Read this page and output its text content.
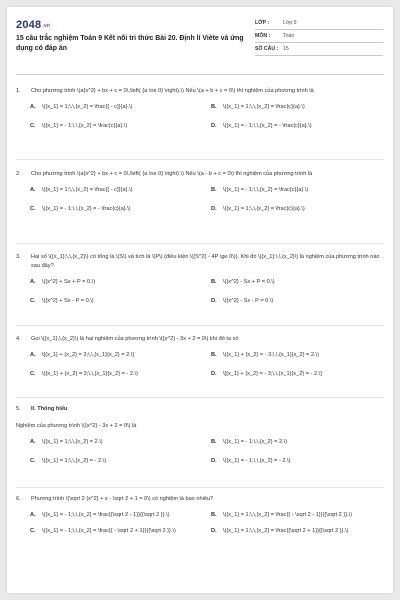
2048.vn
15 câu trắc nghiệm Toán 9 Kết nối tri thức Bài 20. Định lí Viète và ứng dụng có đáp án
LỚP :	Lớp 9
MÔN :	Toán
SỐ CÂU : 15
1.	Cho phương trình \(a{x^2} + bx + c = 0\,\left( {a \ne 0} \right).\) Nếu \(a + b + c = 0\) thì nghiệm của phương trình là
A.	\({x_1} = 1;\,\,{x_2} = \frac{{ - c}}{a}.\)	B.	\({x_1} = 1;\,\,{x_2} = \frac{c}{a}.\)
C.	\({x_1} = - 1;\,\,{x_2} = \frac{c}{a}.\)	D.	\({x_1} = - 1;\,\,{x_2} = - \frac{c}{a}.\)
2.	Cho phương trình \(a{x^2} + bx + c = 0\,\left( {a \ne 0} \right).\) Nếu \(a - b + c = 0\) thì nghiệm của phương trình là
A.	\({x_1} = 1;\,\,{x_2} = \frac{{ - c}}{a}.\)	B.	\({x_1} = - 1;\,\,{x_2} = \frac{c}{a}.\)
C.	\({x_1} = - 1;\,\,{x_2} = - \frac{c}{a}.\)	D.	\({x_1} = 1;\,\,{x_2} = \frac{c}{a}.\)
3.	Hai số \({x_1};\,\,{x_2}\) có tổng là \(S\) và tích là \(P\) (điều kiện \({S^2} - 4P \ge 0\)). Khi đó \({x_1};\,\,{x_2}\) là nghiệm của phương trình nào sau đây?
A.	\({x^2} + Sx + P = 0.\)	B.	\({x^2} - Sx + P = 0.\)
C.	\({x^2} + Sx - P = 0.\)	D.	\({x^2} - Sx - P = 0.\)
4.	Gọi \({x_1},\,{x_2}\) là hai nghiệm của phương trình \({x^2} - 3x + 2 = 0\) khi đó ta có
A.	\[{x_1} + {x_2} = 3;\,\,{x_1}{x_2} = 2.\]	B.	\({x_1} + {x_2} = - 3;\,\,{x_1}{x_2} = 2.\)
C.	\({x_1} + {x_2} = 3;\,\,{x_1}{x_2} = - 2.\)	D.	\[{x_1} + {x_2} = - 3;\,\,{x_1}{x_2} = - 2.\]
5.	II. Thông hiểu
Nghiệm của phương trình \({x^2} - 3x + 2 = 0\) là
A.	\({x_1} = 1;\,\,{x_2} = 2.\)	B.	\({x_1} = - 1;\,\,{x_2} = 2.\)
C.	\({x_1} = 1;\,\,{x_2} = - 2.\)	D.	\({x_1} = - 1;\,\,{x_2} = - 2.\)
6.	Phương trình \(\sqrt 2 {x^2} + x - \sqrt 2 + 1 = 0\) có nghiệm là bao nhiêu?
A.	\({x_1} = - 1;\,\,{x_2} = \frac{{\sqrt 2 - 1}}{{\sqrt 2 }}.\)	B.	\({x_1} = 1;\,\,{x_2} = \frac{{ - \sqrt 2 - 1}}{{\sqrt 2 }}.\)
C.	\({x_1} = - 1;\,\,{x_2} = \frac{{ - \sqrt 2 + 1}}{{\sqrt 2 }}.\)	D.	\({x_1} = 1;\,\,{x_2} = \frac{{\sqrt 2 + 1}}{{\sqrt 2 }}.\)
